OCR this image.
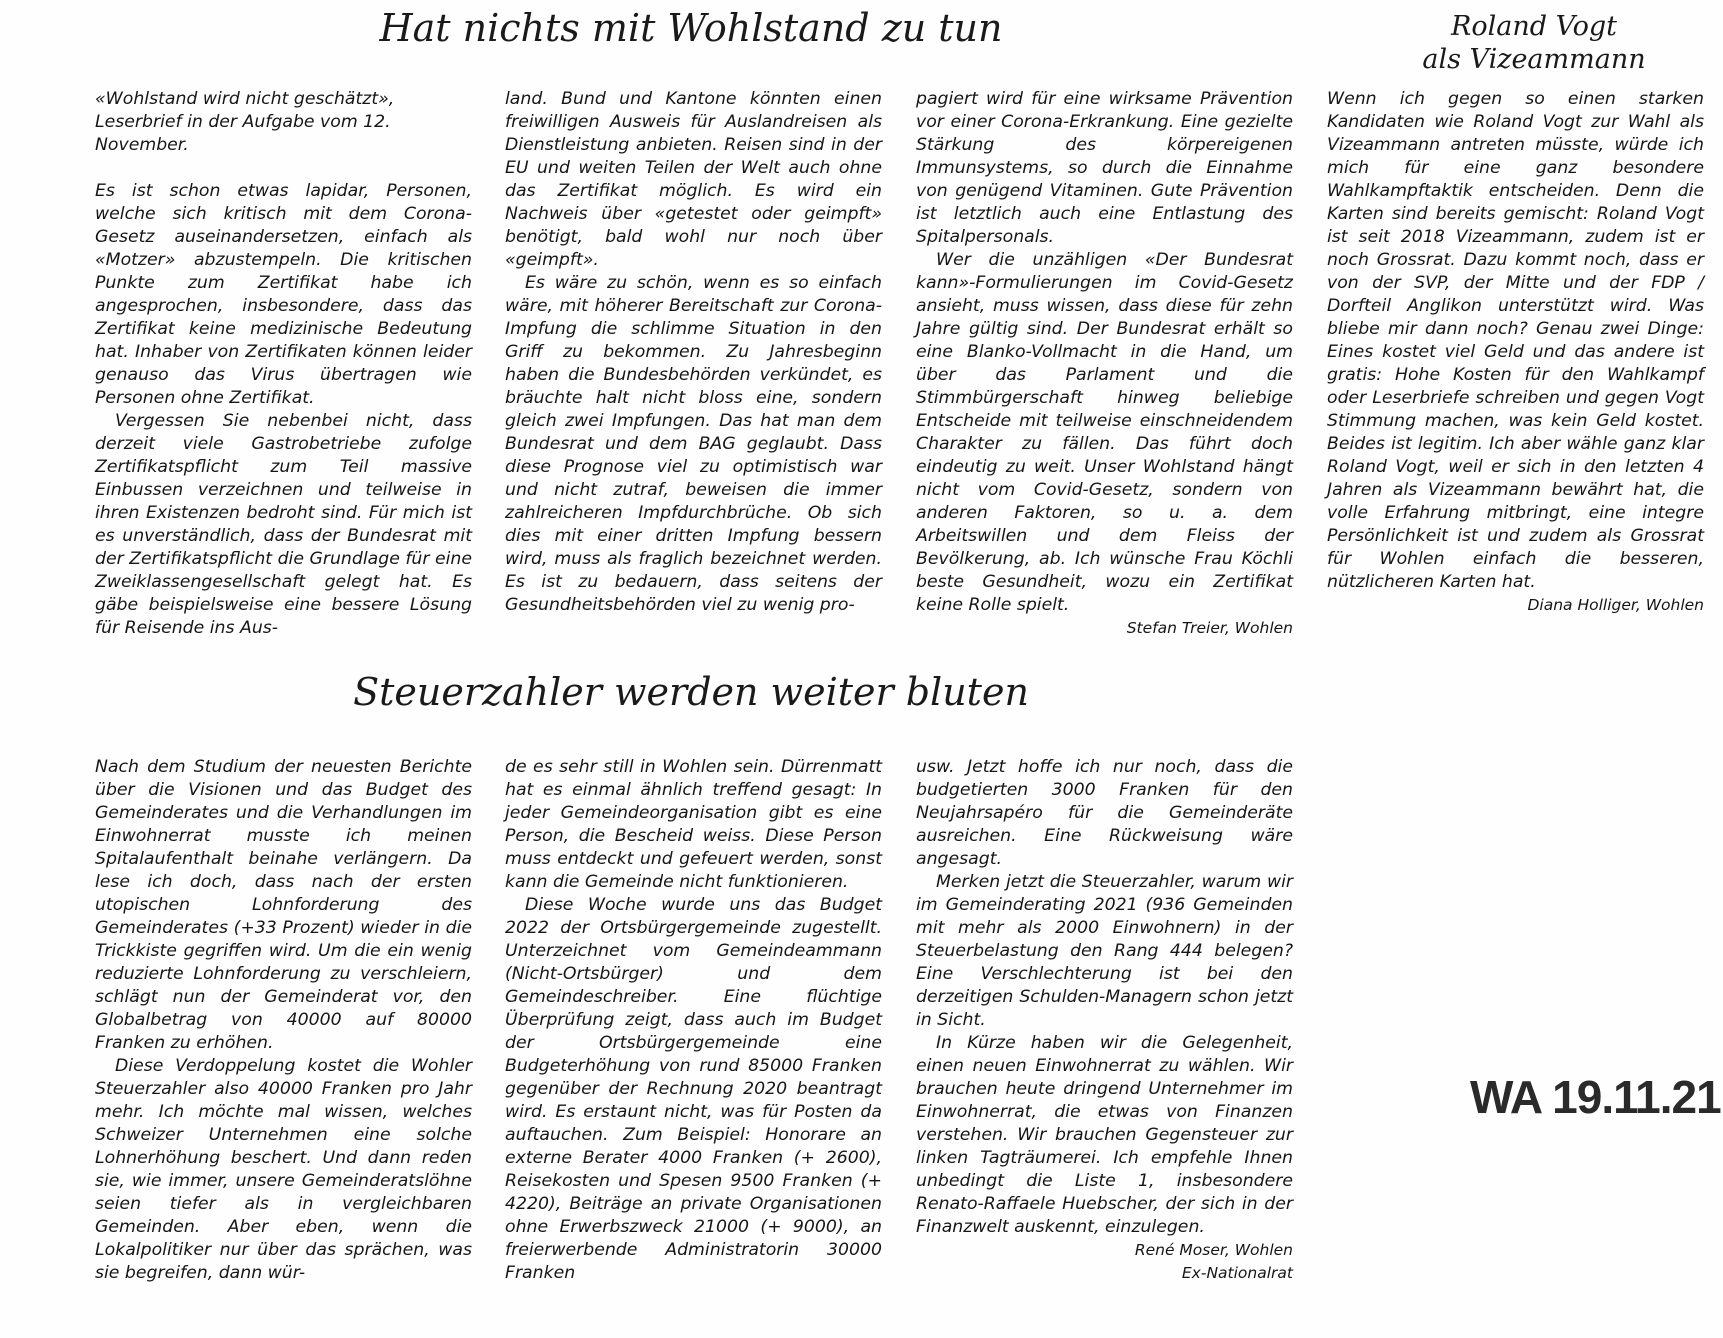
Hat nichts mit Wohlstand zu tun	Roland Vogt
als Vizeammann

«Wohlstand wird nicht geschätzt», Leserbrief in der Aufgabe vom 12. November.

Es ist schon etwas lapidar, Personen, welche sich kritisch mit dem Corona-Gesetz auseinandersetzen, einfach als «Motzer» abzustempeln. Die kritischen Punkte zum Zertifikat habe ich angesprochen, insbesondere, dass das Zertifikat keine medizinische Bedeutung hat. Inhaber von Zertifikaten können leider genauso das Virus übertragen wie Personen ohne Zertifikat.

Vergessen Sie nebenbei nicht, dass derzeit viele Gastrobetriebe zufolge Zertifikatspflicht zum Teil massive Einbussen verzeichnen und teilweise in ihren Existenzen bedroht sind. Für mich ist es unverständlich, dass der Bundesrat mit der Zertifikatspflicht die Grundlage für eine Zweiklassengesellschaft gelegt hat. Es gäbe beispielsweise eine bessere Lösung für Reisende ins Aus-

land. Bund und Kantone könnten einen freiwilligen Ausweis für Auslandreisen als Dienstleistung anbieten. Reisen sind in der EU und weiten Teilen der Welt auch ohne das Zertifikat möglich. Es wird ein Nachweis über «getestet oder geimpft» benötigt, bald wohl nur noch über «geimpft».

Es wäre zu schön, wenn es so einfach wäre, mit höherer Bereitschaft zur Corona-Impfung die schlimme Situation in den Griff zu bekommen. Zu Jahresbeginn haben die Bundesbehörden verkündet, es bräuchte halt nicht bloss eine, sondern gleich zwei Impfungen. Das hat man dem Bundesrat und dem BAG geglaubt. Dass diese Prognose viel zu optimistisch war und nicht zutraf, beweisen die immer zahlreicheren Impfdurchbrüche. Ob sich dies mit einer dritten Impfung bessern wird, muss als fraglich bezeichnet werden. Es ist zu bedauern, dass seitens der Gesundheitsbehörden viel zu wenig pro-

pagiert wird für eine wirksame Prävention vor einer Corona-Erkrankung. Eine gezielte Stärkung des körpereigenen Immunsystems, so durch die Einnahme von genügend Vitaminen. Gute Prävention ist letztlich auch eine Entlastung des Spitalpersonals.

Wer die unzähligen «Der Bundesrat kann»-Formulierungen im Covid-Gesetz ansieht, muss wissen, dass diese für zehn Jahre gültig sind. Der Bundesrat erhält so eine Blanko-Vollmacht in die Hand, um über das Parlament und die Stimmbürgerschaft hinweg beliebige Entscheide mit teilweise einschneidendem Charakter zu fällen. Das führt doch eindeutig zu weit. Unser Wohlstand hängt nicht vom Covid-Gesetz, sondern von anderen Faktoren, so u. a. dem Arbeitswillen und dem Fleiss der Bevölkerung, ab. Ich wünsche Frau Köchli beste Gesundheit, wozu ein Zertifikat keine Rolle spielt.

Stefan Treier, Wohlen

Wenn ich gegen so einen starken Kandidaten wie Roland Vogt zur Wahl als Vizeammann antreten müsste, würde ich mich für eine ganz besondere Wahlkampftaktik entscheiden. Denn die Karten sind bereits gemischt: Roland Vogt ist seit 2018 Vizeammann, zudem ist er noch Grossrat. Dazu kommt noch, dass er von der SVP, der Mitte und der FDP / Dorfteil Anglikon unterstützt wird. Was bliebe mir dann noch? Genau zwei Dinge: Eines kostet viel Geld und das andere ist gratis: Hohe Kosten für den Wahlkampf oder Leserbriefe schreiben und gegen Vogt Stimmung machen, was kein Geld kostet. Beides ist legitim. Ich aber wähle ganz klar Roland Vogt, weil er sich in den letzten 4 Jahren als Vizeammann bewährt hat, die volle Erfahrung mitbringt, eine integre Persönlichkeit ist und zudem als Grossrat für Wohlen einfach die besseren, nützlicheren Karten hat.

Diana Holliger, Wohlen

Steuerzahler werden weiter bluten

Nach dem Studium der neuesten Berichte über die Visionen und das Budget des Gemeinderates und die Verhandlungen im Einwohnerrat musste ich meinen Spitalaufenthalt beinahe verlängern. Da lese ich doch, dass nach der ersten utopischen Lohnforderung des Gemeinderates (+33 Prozent) wieder in die Trickkiste gegriffen wird. Um die ein wenig reduzierte Lohnforderung zu verschleiern, schlägt nun der Gemeinderat vor, den Globalbetrag von 40000 auf 80000 Franken zu erhöhen.

Diese Verdoppelung kostet die Wohler Steuerzahler also 40000 Franken pro Jahr mehr. Ich möchte mal wissen, welches Schweizer Unternehmen eine solche Lohnerhöhung beschert. Und dann reden sie, wie immer, unsere Gemeinderatslöhne seien tiefer als in vergleichbaren Gemeinden. Aber eben, wenn die Lokalpolitiker nur über das sprächen, was sie begreifen, dann wür-

de es sehr still in Wohlen sein. Dürrenmatt hat es einmal ähnlich treffend gesagt: In jeder Gemeindeorganisation gibt es eine Person, die Bescheid weiss. Diese Person muss entdeckt und gefeuert werden, sonst kann die Gemeinde nicht funktionieren.

Diese Woche wurde uns das Budget 2022 der Ortsbürgergemeinde zugestellt. Unterzeichnet vom Gemeindeammann (Nicht-Ortsbürger) und dem Gemeindeschreiber. Eine flüchtige Überprüfung zeigt, dass auch im Budget der Ortsbürgergemeinde eine Budgeterhöhung von rund 85000 Franken gegenüber der Rechnung 2020 beantragt wird. Es erstaunt nicht, was für Posten da auftauchen. Zum Beispiel: Honorare an externe Berater 4000 Franken (+ 2600), Reisekosten und Spesen 9500 Franken (+ 4220), Beiträge an private Organisationen ohne Erwerbszweck 21000 (+ 9000), an freierwerbende Administratorin 30000 Franken

usw. Jetzt hoffe ich nur noch, dass die budgetierten 3000 Franken für den Neujahrsapéro für die Gemeinderäte ausreichen. Eine Rückweisung wäre angesagt.

Merken jetzt die Steuerzahler, warum wir im Gemeinderating 2021 (936 Gemeinden mit mehr als 2000 Einwohnern) in der Steuerbelastung den Rang 444 belegen? Eine Verschlechterung ist bei den derzeitigen Schulden-Managern schon jetzt in Sicht.

In Kürze haben wir die Gelegenheit, einen neuen Einwohnerrat zu wählen. Wir brauchen heute dringend Unternehmer im Einwohnerrat, die etwas von Finanzen verstehen. Wir brauchen Gegensteuer zur linken Tagträumerei. Ich empfehle Ihnen unbedingt die Liste 1, insbesondere Renato-Raffaele Huebscher, der sich in der Finanzwelt auskennt, einzulegen.

René Moser, Wohlen

Ex-Nationalrat

WA 19.11.21
